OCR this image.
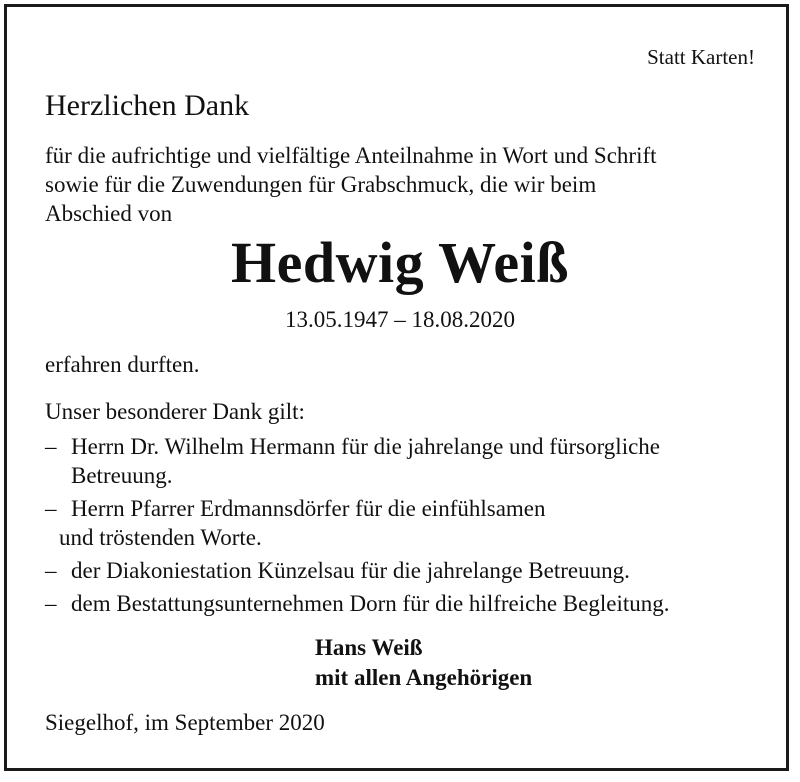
Statt Karten!
Herzlichen Dank
für die aufrichtige und vielfältige Anteilnahme in Wort und Schrift
sowie für die Zuwendungen für Grabschmuck, die wir beim
Abschied von
Hedwig Weiß
13.05.1947 – 18.08.2020
erfahren durften.
Unser besonderer Dank gilt:
– Herrn Dr. Wilhelm Hermann für die jahrelange und fürsorgliche
Betreuung.
– Herrn Pfarrer Erdmannsdörfer für die einfühlsamen
und tröstenden Worte.
– der Diakoniestation Künzelsau für die jahrelange Betreuung.
– dem Bestattungsunternehmen Dorn für die hilfreiche Begleitung.
Hans Weiß
mit allen Angehörigen
Siegelhof, im September 2020
